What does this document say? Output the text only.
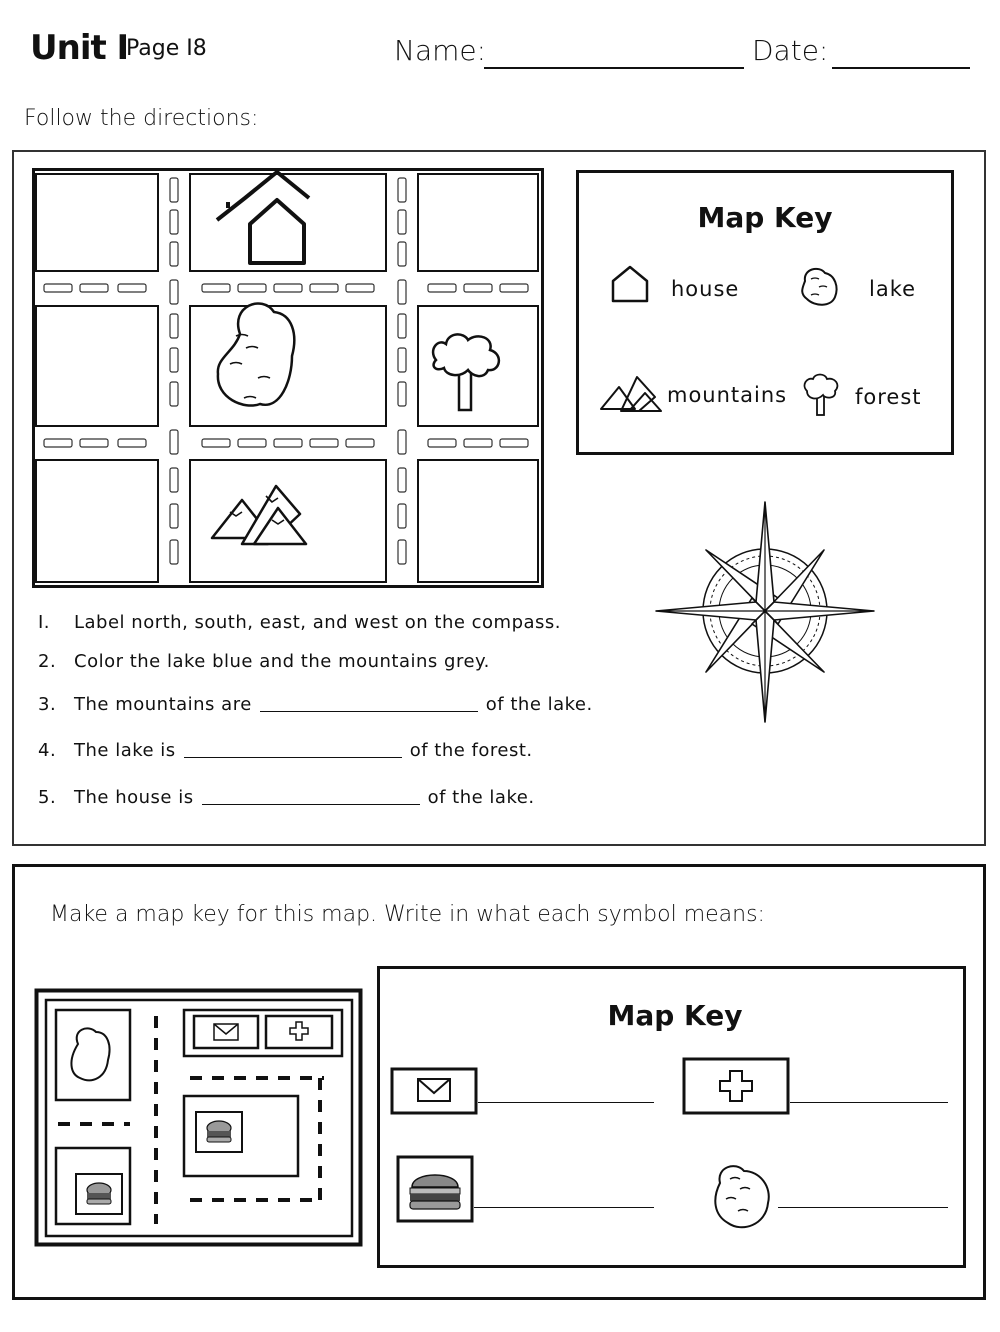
Unit I
Page I8	Name:	Date:
Follow the directions:
Map Key
house	lake
mountains	forest
I. Label north, south, east, and west on the compass.
2. Color the lake blue and the mountains grey.
3. The mountains are	of the lake.
4. The lake is	of the forest.
5. The house is	of the lake.
Make a map key for this map. Write in what each symbol means:
Map Key
